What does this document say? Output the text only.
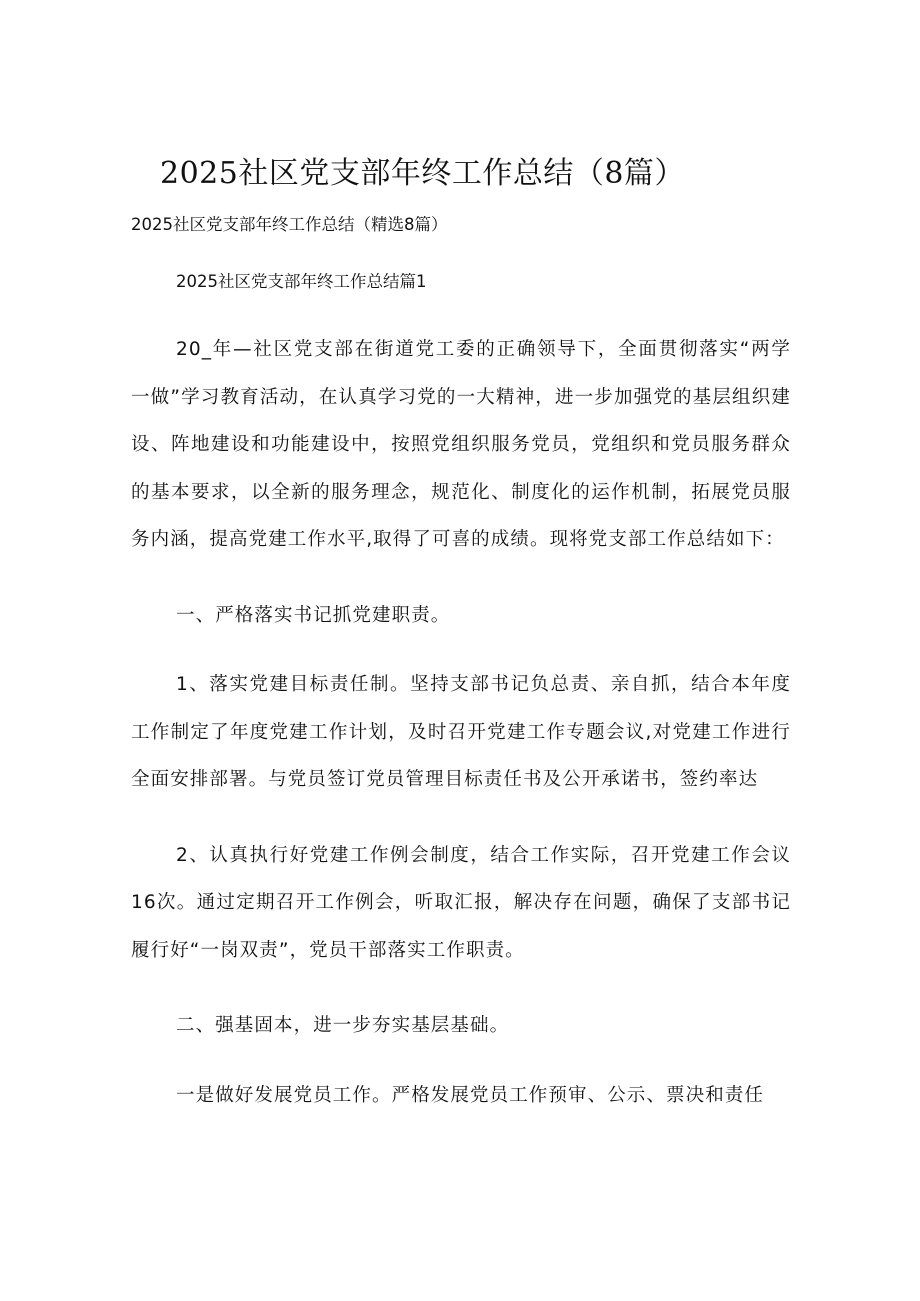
2025社区党支部年终工作总结（8篇）

2025社区党支部年终工作总结（精选8篇）

2025社区党支部年终工作总结篇1

20_年—社区党支部在街道党工委的正确领导下，全面贯彻落实“两学一做”学习教育活动，在认真学习党的一大精神，进一步加强党的基层组织建设、阵地建设和功能建设中，按照党组织服务党员，党组织和党员服务群众的基本要求，以全新的服务理念，规范化、制度化的运作机制，拓展党员服务内涵，提高党建工作水平,取得了可喜的成绩。现将党支部工作总结如下：

一、严格落实书记抓党建职责。

1、落实党建目标责任制。坚持支部书记负总责、亲自抓，结合本年度工作制定了年度党建工作计划，及时召开党建工作专题会议,对党建工作进行全面安排部署。与党员签订党员管理目标责任书及公开承诺书，签约率达

2、认真执行好党建工作例会制度，结合工作实际，召开党建工作会议16次。通过定期召开工作例会，听取汇报，解决存在问题，确保了支部书记履行好“一岗双责”，党员干部落实工作职责。

二、强基固本，进一步夯实基层基础。

一是做好发展党员工作。严格发展党员工作预审、公示、票决和责任
